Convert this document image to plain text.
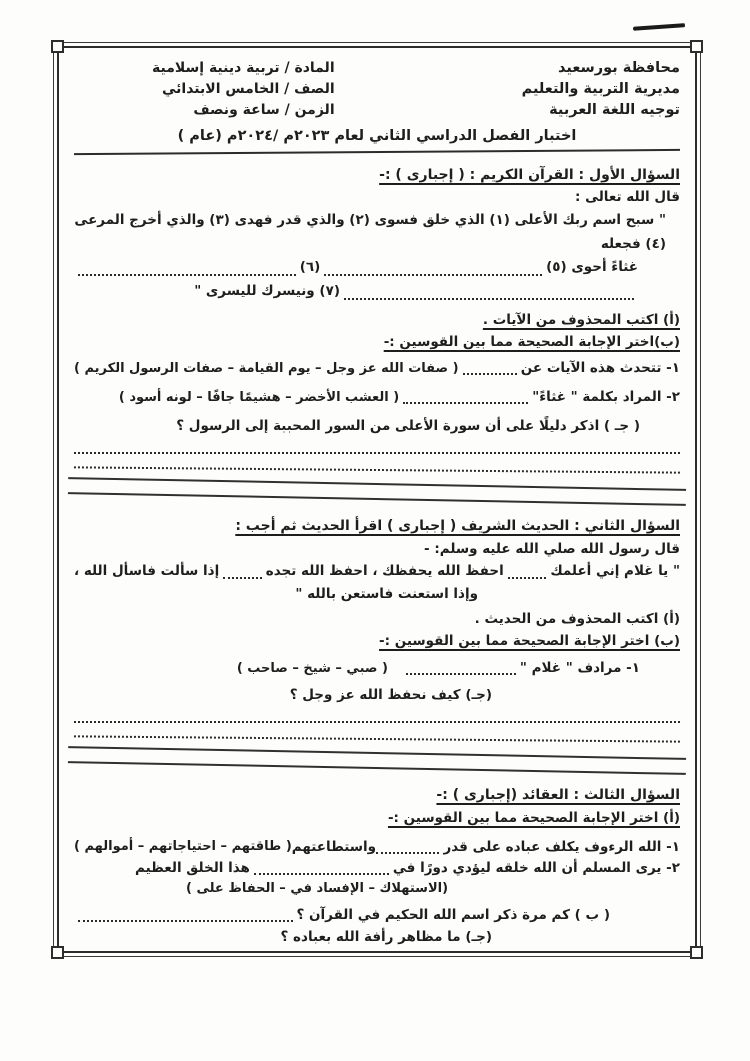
محافظة بورسعيد
مديرية التربية والتعليم
توجيه اللغة العربية
المادة / تربية دينية إسلامية
الصف / الخامس الابتدائي
الزمن / ساعة ونصف
اختبار الفصل الدراسي الثاني لعام ٢٠٢٣م /٢٠٢٤م (عام )
السؤال الأول : القرآن الكريم : ( إجبارى ) :-
قال الله تعالى :
" سبح اسم ربك الأعلى (١) الذي خلق فسوى (٢) والذي قدر فهدى (٣) والذي أخرج المرعى (٤) فجعله
غثاءً أحوى (٥)
(٦)
(٧) ونيسرك لليسرى "
(أ) اكتب المحذوف من الآيات .
(ب)اختر الإجابة الصحيحة مما بين القوسين :-
١- تتحدث هذه الآيات عن
( صفات الله عز وجل – يوم القيامة – صفات الرسول الكريم )
٢- المراد بكلمة " غثاءً"
( العشب الأخضر – هشيمًا جافًا – لونه أسود )
( جـ ) اذكر دليلًا على أن سورة الأعلى من السور المحببة إلى الرسول ؟
السؤال الثاني : الحديث الشريف ( إجبارى ) اقرأ الحديث ثم أجب :
قال رسول الله صلي الله عليه وسلم: -
" يا غلام إني أعلمك
احفظ الله يحفظك ، احفظ الله تجده
إذا سألت فاسأل الله ،
وإذا استعنت فاستعن بالله "
(أ) اكتب المحذوف من الحديث .
(ب) اختر الإجابة الصحيحة مما بين القوسين :-
١- مرادف " غلام "
( صبي – شيخ – صاحب )
(جـ) كيف نحفظ الله عز وجل ؟
السؤال الثالث : العقائد (إجبارى ) :-
(أ) اختر الإجابة الصحيحة مما بين القوسين :-
١- الله الرءوف يكلف عباده على قدر
واستطاعتهم
( طاقتهم – احتياجاتهم – أموالهم )
٢- يرى المسلم أن الله خلقه ليؤدي دورًا في
هذا الخلق العظيم
(الاستهلاك – الإفساد في – الحفاظ على )
( ب ) كم مرة ذكر اسم الله الحكيم في القرآن ؟
(جـ) ما مظاهر رأفة الله بعباده ؟
